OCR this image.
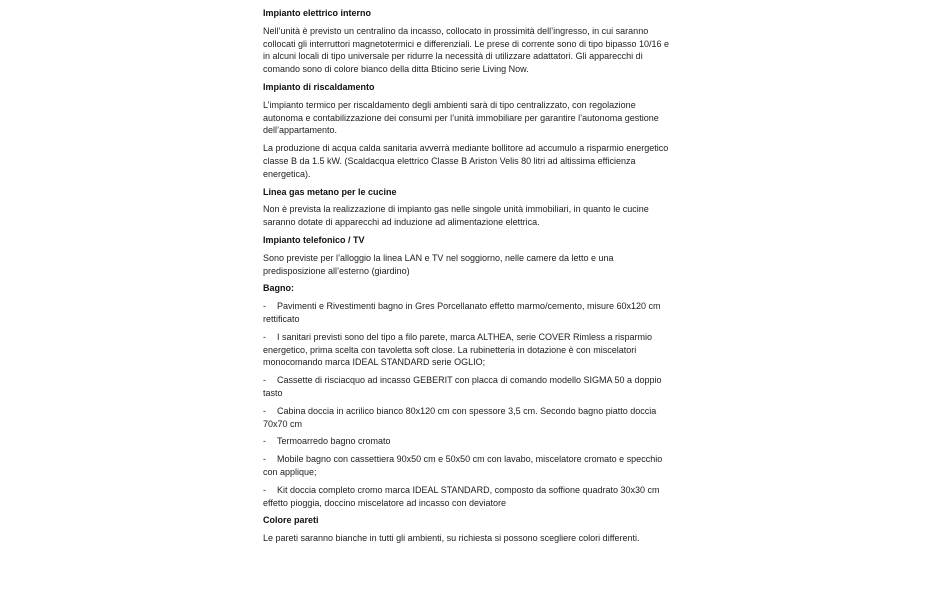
Impianto elettrico interno
Nell’unità è previsto un centralino da incasso, collocato in prossimità dell’ingresso, in cui saranno collocati gli interruttori magnetotermici e differenziali. Le prese di corrente sono di tipo bipasso 10/16 e in alcuni locali di tipo universale per ridurre la necessità di utilizzare adattatori. Gli apparecchi di comando sono di colore bianco della ditta Bticino serie Living Now.
Impianto di riscaldamento
L’impianto termico per riscaldamento degli ambienti sarà di tipo centralizzato, con regolazione autonoma e contabilizzazione dei consumi per l’unità immobiliare per garantire l’autonoma gestione dell’appartamento.
La produzione di acqua calda sanitaria avverrà mediante bollitore ad accumulo a risparmio energetico classe B da 1.5 kW. (Scaldacqua elettrico Classe B Ariston Velis 80 litri ad altissima efficienza energetica).
Linea gas metano per le cucine
Non è prevista la realizzazione di impianto gas nelle singole unità immobiliari, in quanto le cucine saranno dotate di apparecchi ad induzione ad alimentazione elettrica.
Impianto telefonico / TV
Sono previste per l’alloggio la linea LAN e TV nel soggiorno, nelle camere da letto e una predisposizione all’esterno (giardino)
Bagno:
- Pavimenti e Rivestimenti bagno in Gres Porcellanato effetto marmo/cemento, misure 60x120 cm rettificato
- I sanitari previsti sono del tipo a filo parete, marca ALTHEA, serie COVER Rimless a risparmio energetico, prima scelta con tavoletta soft close. La rubinetteria in dotazione è con miscelatori monocomando marca IDEAL STANDARD serie OGLIO;
- Cassette di risciacquo ad incasso GEBERIT con placca di comando modello SIGMA 50 a doppio tasto
- Cabina doccia in acrilico bianco 80x120 cm con spessore 3,5 cm. Secondo bagno piatto doccia 70x70 cm
- Termoarredo bagno cromato
- Mobile bagno con cassettiera 90x50 cm e 50x50 cm con lavabo, miscelatore cromato e specchio con applique;
- Kit doccia completo cromo marca IDEAL STANDARD, composto da soffione quadrato 30x30 cm effetto pioggia, doccino miscelatore ad incasso con deviatore
Colore pareti
Le pareti saranno bianche in tutti gli ambienti, su richiesta si possono scegliere colori differenti.
